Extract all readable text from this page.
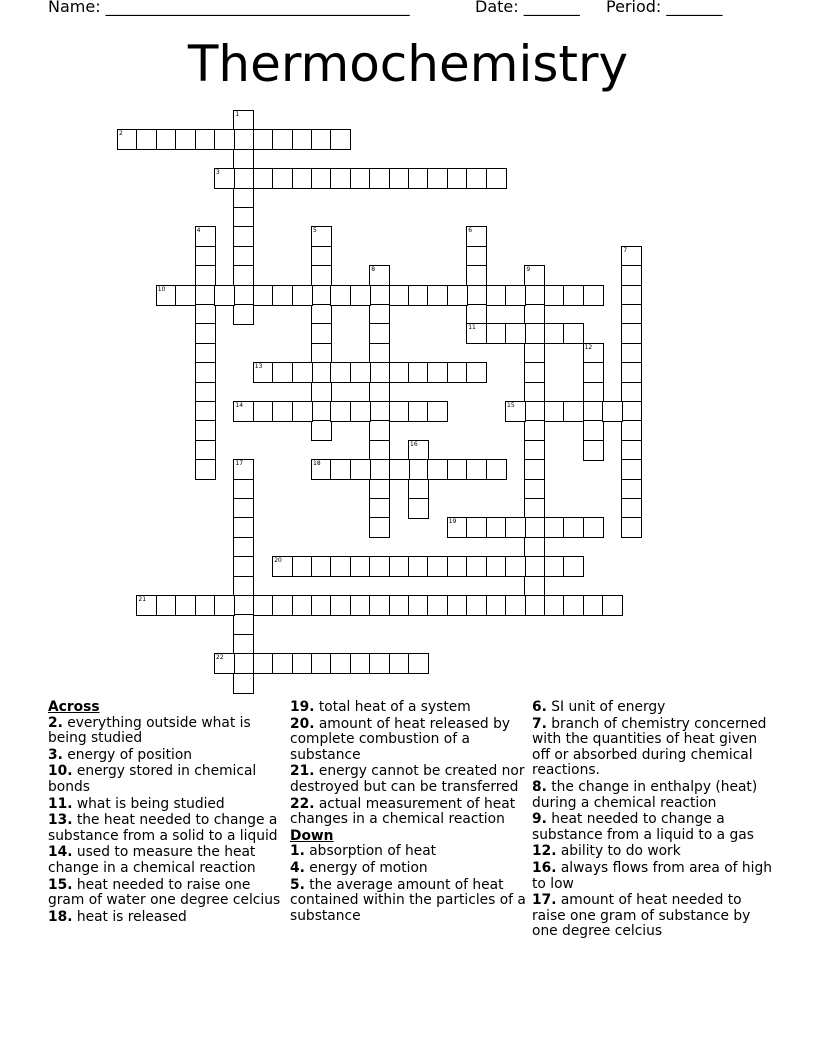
Name: ______________________________________	Date: _______ Period: _______
Thermochemistry
1
2
3
4	5	6
11
7
8	9
10
12
13
14	15
16
17	18
19
20
21
22
Across
2. everything outside what is being studied
3. energy of position
10. energy stored in chemical bonds
11. what is being studied
13. the heat needed to change a substance from a solid to a liquid
14. used to measure the heat change in a chemical reaction
15. heat needed to raise one gram of water one degree celcius
18. heat is released
19. total heat of a system
20. amount of heat released by complete combustion of a substance
21. energy cannot be created nor destroyed but can be transferred
22. actual measurement of heat changes in a chemical reaction
Down
1. absorption of heat
4. energy of motion
5. the average amount of heat contained within the particles of a substance
6. SI unit of energy
7. branch of chemistry concerned with the quantities of heat given off or absorbed during chemical reactions.
8. the change in enthalpy (heat) during a chemical reaction
9. heat needed to change a substance from a liquid to a gas
12. ability to do work
16. always flows from area of high to low
17. amount of heat needed to raise one gram of substance by one degree celcius
